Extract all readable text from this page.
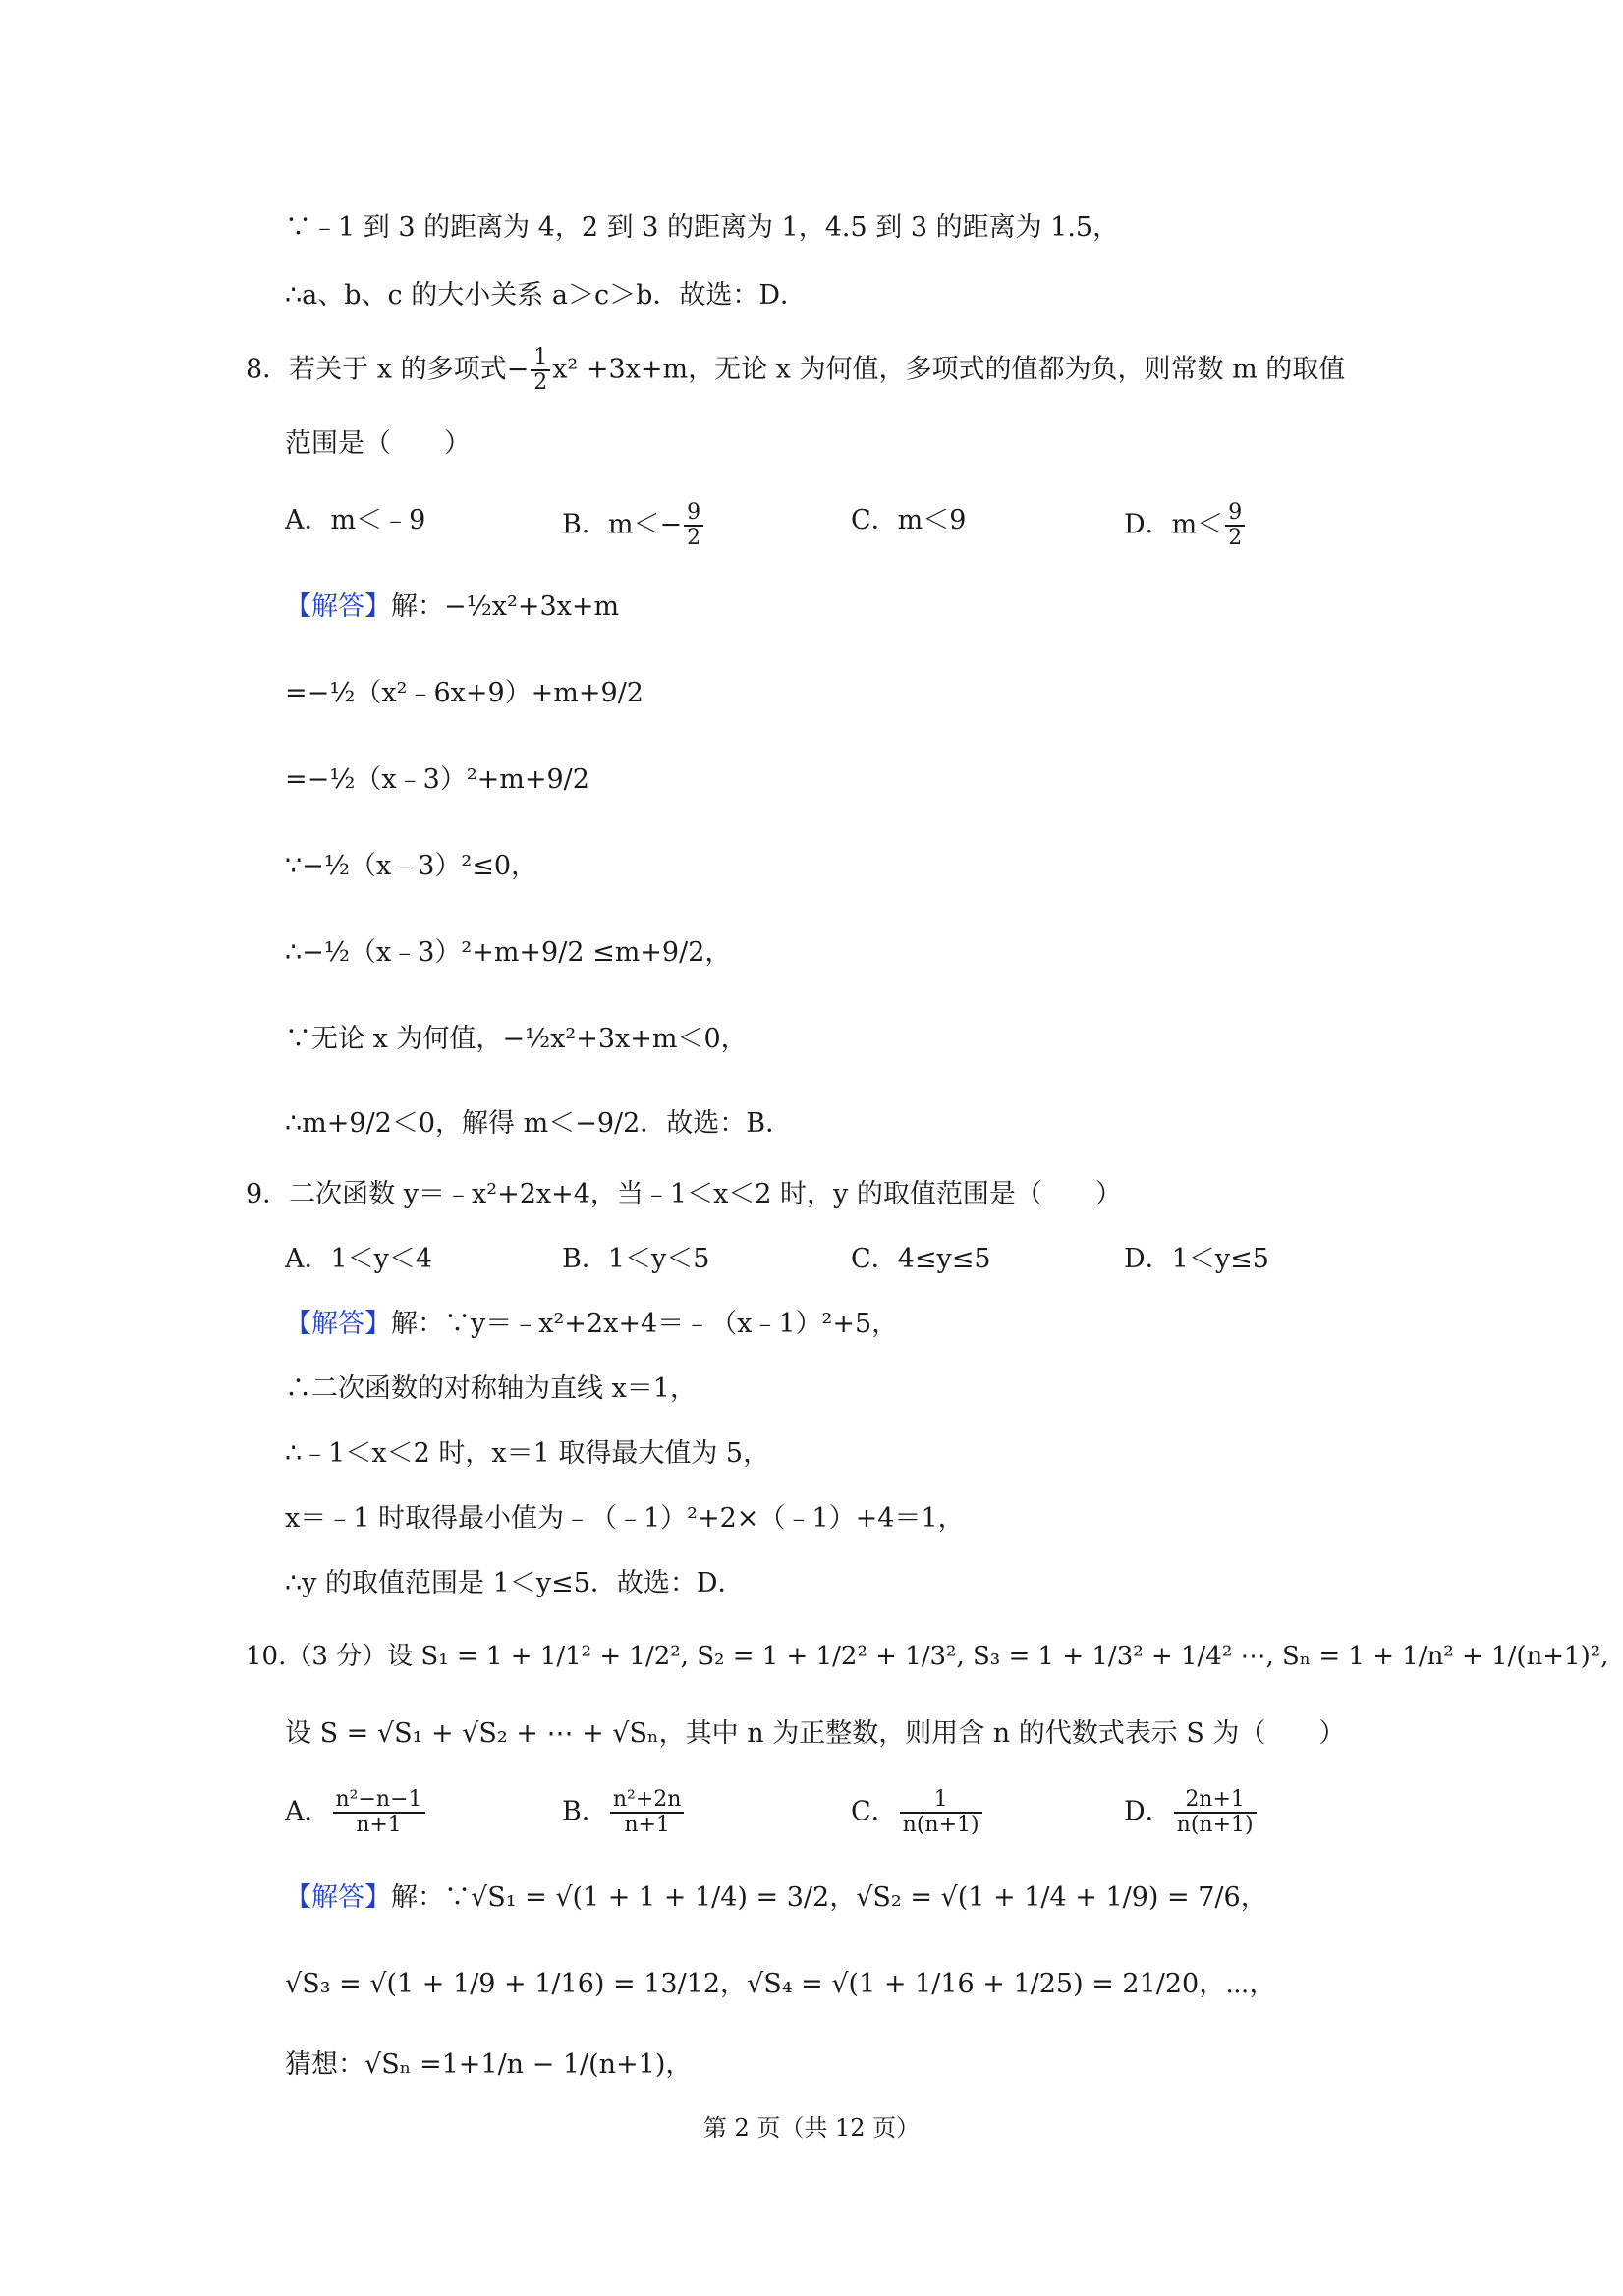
∵﹣1 到 3 的距离为 4，2 到 3 的距离为 1，4.5 到 3 的距离为 1.5，
∴a、b、c 的大小关系 a＞c＞b．故选：D．
8．若关于 x 的多项式− $\frac{1}{2} x^2 +3x+m$，无论 x 为何值，多项式的值都为负，则常数 m 的取值
范围是（　　）
A．m＜﹣9	B．$m<- \frac{9}{2}$	C．m＜9	D．$m< \frac{9}{2}$
【解答】解：−½x²+3x+m
=−½（x²﹣6x+9）+m+9/2
=−½（x﹣3）²+m+9/2
∵−½（x﹣3）²≤0，
∴−½（x﹣3）²+m+9/2 ≤m+9/2，
∵无论 x 为何值，−½x²+3x+m＜0，
∴m+9/2＜0，解得 m＜−9/2．故选：B．
9．二次函数 y＝﹣x²+2x+4，当﹣1＜x＜2 时，y 的取值范围是（　　）
A．1＜y＜4	B．1＜y＜5	C．4≤y≤5	D．1＜y≤5
【解答】解：∵y＝﹣x²+2x+4＝﹣（x﹣1）²+5，
∴二次函数的对称轴为直线 x＝1，
∴﹣1＜x＜2 时，x＝1 取得最大值为 5，
x＝﹣1 时取得最小值为﹣（﹣1）²+2×（﹣1）+4＝1，
∴y 的取值范围是 1＜y≤5．故选：D．
10.（3 分）设 S₁ = 1 + 1/1² + 1/2², S₂ = 1 + 1/2² + 1/3², S₃ = 1 + 1/3² + 1/4² ⋯, Sₙ = 1 + 1/n² + 1/(n+1)²,
设 S = √S₁ + √S₂ + ⋯ + √Sₙ，其中 n 为正整数，则用含 n 的代数式表示 S 为（　　）
A． $\frac{\text{n²−n−1}}{n+1}$	B． $\frac{\text{n²+2n}}{n+1}$	C． $\frac{1}{n(n+1)}$	D． $\frac{2n+1}{n(n+1)}$
【解答】解：∵√S₁ = √(1 + 1 + 1/4) = 3/2，√S₂ = √(1 + 1/4 + 1/9) = 7/6，
√S₃ = √(1 + 1/9 + 1/16) = 13/12，√S₄ = √(1 + 1/16 + 1/25) = 21/20，⋯，
猜想：√Sₙ =1+1/n − 1/(n+1)，
第 2 页（共 12 页）
